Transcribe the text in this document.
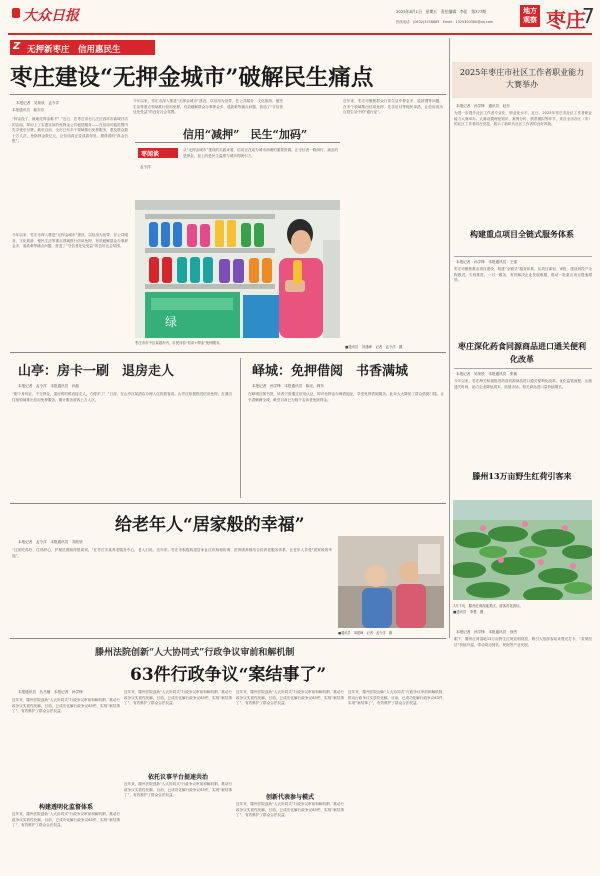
大众日报	2025年8月1日　星期五　责任编辑　李佳　第377期
热线电话：(0632)3158885　Email：1325300360@qq.com
地方观察 枣庄
7
Z 无押新枣庄　信用惠民生
枣庄建设“无押金城市”破解民生痛点
本报记者　吴荣欣　孟令洋
本报通讯员　郝东东
“押金没了，就地化押金难不？”近日，在枣庄市台儿庄区西环市新城开店的志南，却用上了实惠实用的免押金公共租赁服务——在信用可能范围内先享受后付费。截至目前，全市已有多个领域推出免押服务，惠及群众数十万人次，免除押金数亿元，让信用真正变成看得见、摸得着的“真金白银”。
今年以来，枣庄市深入推进“无押金城市”建设，以信用为纽带，在公共服务、文化旅游、便民生活等重点领域推行信用免押，有效破解群众办事押金多、退款难等痛点问题，营造了“守信者处处受益”的良好社会氛围。
今年以来，枣庄市深入推进“无押金城市”建设，以信用为纽带，在公共服务、文化旅游、便民生活等重点领域推行信用免押，有效破解群众办事押金多、退款难等痛点问题，营造了“守信者处处受益”的良好社会氛围。
近年来，枣庄市聚焦群众日常生活中押金多、退款慢等问题，在多个领域推出信用免押、先享后付等便民举措，让信用成为百姓生活中的“通行证”。
信用“减押”　民生“加码”
枣闻谈
孟令洋
从“无押金城市”建设的实践来看，信用正在成为城市治理的重要资源。让守信者一路绿灯、减去的是押金，加上的是民生温度与城市的吸引力。
绿
枣庄市市中区某超市内，市民体验“信用+押金”免押服务。
■通讯员　刘建峰　记者　孟令洋　摄
2025年枣庄市社区工作者职业能力大赛举办
本报记者　孙学锋　通讯员　赵东
为进一步提升社区工作者专业化、职业化水平，近日，2025年枣庄市社区工作者职业能力大赛举办。大赛设置理论知识、案例分析、情景模拟等环节，来自全市各区（市）的社区工作者同台竞技，展示了新时代社区工作者的良好风貌。
构建重点项目全链式服务体系
本报记者　孙学锋　本报通讯员　王强
枣庄市聚焦重点项目建设，构建“全链式”服务体系，从项目谋划、审批、建设到投产全程跟进，专班推进、一对一服务，有效解决企业发展难题，推动一批重点项目提速增效。
枣庄深化药食同源商品进口通关便利化改革
本报记者　吴荣欣　本报通讯员　张敏
今年以来，枣庄海关积极推进药食同源商品进口通关便利化改革，优化监管流程，压缩通关时间，助力企业降低成本、拓展市场，相关商品进口量持续增长。
滕州13万亩野生红荷引客来
7月下旬，滕州红荷湿地景区，游客赏花游玩。
■通讯员　李慧　摄
本报记者　孙学锋　本报通讯员　徐杰
眼下，滕州红荷湿地13万亩野生红荷竞相绽放，吸引大批游客前来观光打卡，“赏荷经济”持续升温，带动周边餐饮、民宿等产业发展。
山亭：房卡一刷　退房走人
本报记者　孟令洋　本报通讯员　孙振
“刷个身份证，不交押金，退房的时候直接走人，方便多了！”日前，在山亭区某酒店办理入住的游客说。山亭区积极推进信用免押，在酒店住宿领域推出信用免押服务，累计服务游客上万人次。
峄城：免押借阅　书香满城
本报记者　孙学锋　本报通讯员　陈光，韩东
在峄城区图书馆，读者只需通过信用认证，即可免押金办理借阅证，享受免押借阅服务。此举大大降低了群众借阅门槛，让书香飘满全城，截至目前已为数千名读者免除押金。
给老年人“居家般的幸福”
本报记者　孟令洋　本报通讯员　刘欣欣
“这里吃得好、住得舒心，护理员照顾得很周到。”在枣庄市某养老服务中心，老人们说。近年来，枣庄市积极构建居家社区机构相协调、医养康养相结合的养老服务体系，让老年人享受“居家般的幸福”。
■通讯员　刘建峰　记者　孟令洋　摄
滕州法院创新“人大协同式”行政争议审前和解机制
63件行政争议“案结事了”
本报通讯员　丛冬楠　本报记者　孙学锋
近年来，滕州法院创新“人大协同式”行政争议审前和解机制，推动行政争议实质性化解。目前，已成功化解行政争议63件，实现“案结事了”，有效维护了群众合法权益。
构建透明化监督体系
近年来，滕州法院创新“人大协同式”行政争议审前和解机制，推动行政争议实质性化解。目前，已成功化解行政争议63件，实现“案结事了”，有效维护了群众合法权益。
近年来，滕州法院创新“人大协同式”行政争议审前和解机制，推动行政争议实质性化解。目前，已成功化解行政争议63件，实现“案结事了”，有效维护了群众合法权益。
依托议事平台提速共治
近年来，滕州法院创新“人大协同式”行政争议审前和解机制，推动行政争议实质性化解。目前，已成功化解行政争议63件，实现“案结事了”，有效维护了群众合法权益。
近年来，滕州法院创新“人大协同式”行政争议审前和解机制，推动行政争议实质性化解。目前，已成功化解行政争议63件，实现“案结事了”，有效维护了群众合法权益。
创新代表参与模式
近年来，滕州法院创新“人大协同式”行政争议审前和解机制，推动行政争议实质性化解。目前，已成功化解行政争议63件，实现“案结事了”，有效维护了群众合法权益。
近年来，滕州法院创新“人大协同式”行政争议审前和解机制，推动行政争议实质性化解。目前，已成功化解行政争议63件，实现“案结事了”，有效维护了群众合法权益。
